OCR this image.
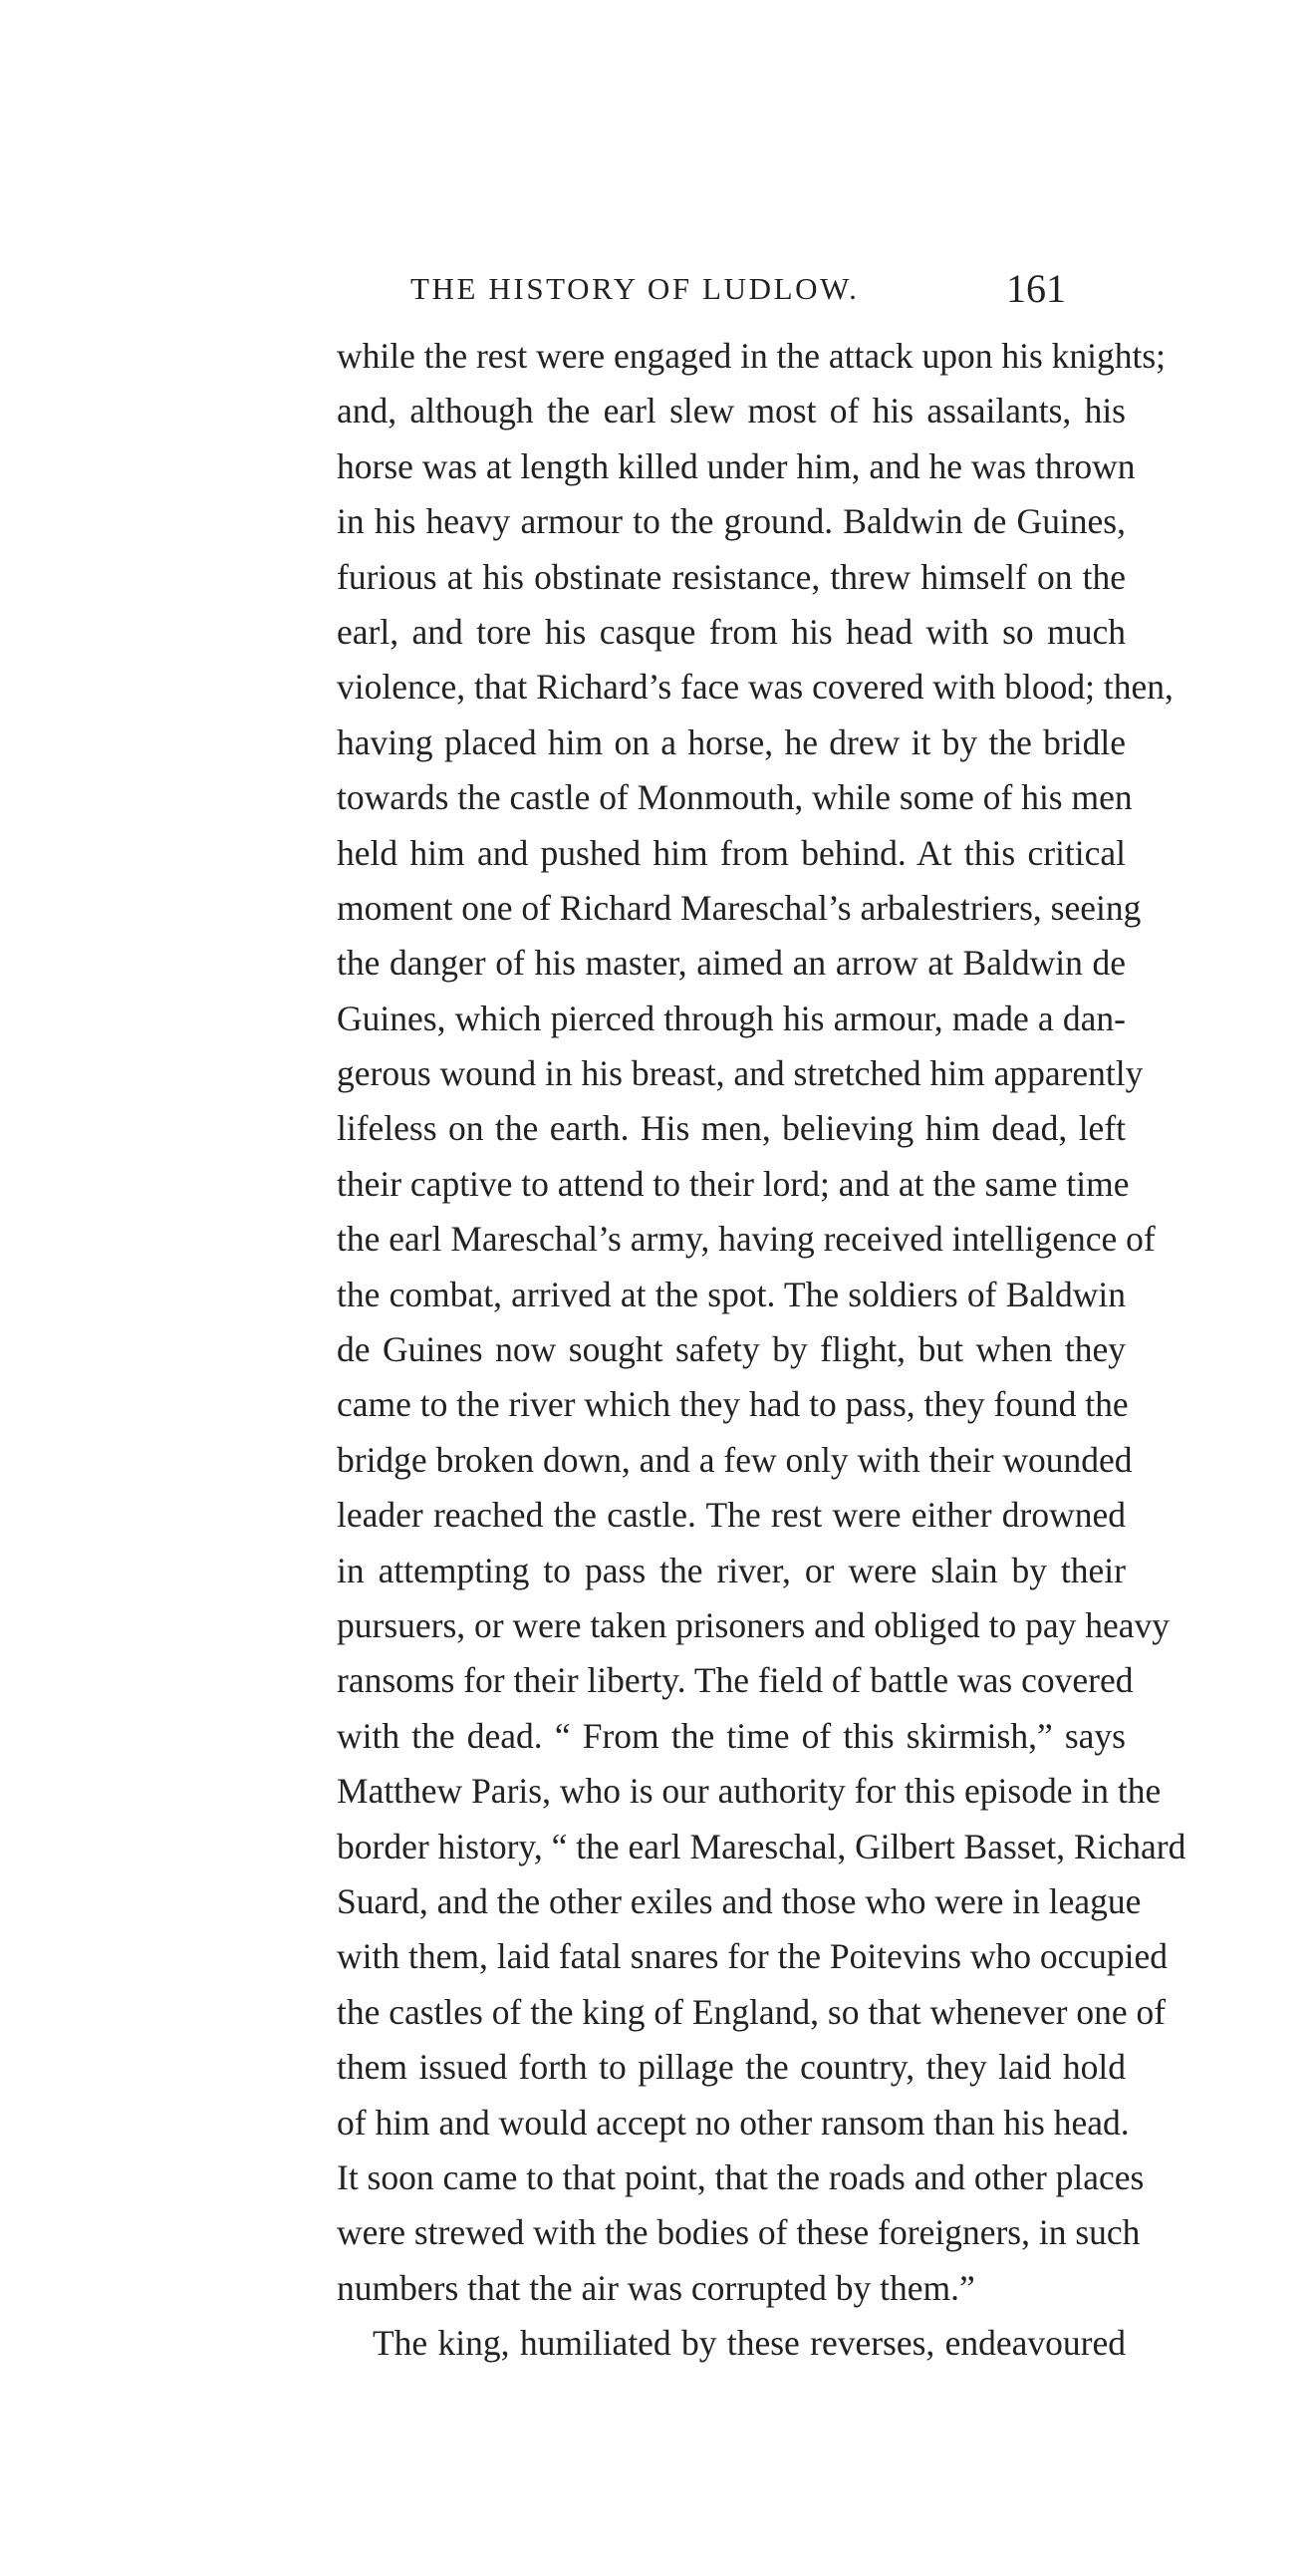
THE HISTORY OF LUDLOW.	161
while the rest were engaged in the attack upon his knights;
and, although the earl slew most of his assailants, his
horse was at length killed under him, and he was thrown
in his heavy armour to the ground. Baldwin de Guines,
furious at his obstinate resistance, threw himself on the
earl, and tore his casque from his head with so much
violence, that Richard’s face was covered with blood; then,
having placed him on a horse, he drew it by the bridle
towards the castle of Monmouth, while some of his men
held him and pushed him from behind. At this critical
moment one of Richard Mareschal’s arbalestriers, seeing
the danger of his master, aimed an arrow at Baldwin de
Guines, which pierced through his armour, made a dan-
gerous wound in his breast, and stretched him apparently
lifeless on the earth. His men, believing him dead, left
their captive to attend to their lord; and at the same time
the earl Mareschal’s army, having received intelligence of
the combat, arrived at the spot. The soldiers of Baldwin
de Guines now sought safety by flight, but when they
came to the river which they had to pass, they found the
bridge broken down, and a few only with their wounded
leader reached the castle. The rest were either drowned
in attempting to pass the river, or were slain by their
pursuers, or were taken prisoners and obliged to pay heavy
ransoms for their liberty. The field of battle was covered
with the dead. “ From the time of this skirmish,” says
Matthew Paris, who is our authority for this episode in the
border history, “ the earl Mareschal, Gilbert Basset, Richard
Suard, and the other exiles and those who were in league
with them, laid fatal snares for the Poitevins who occupied
the castles of the king of England, so that whenever one of
them issued forth to pillage the country, they laid hold
of him and would accept no other ransom than his head.
It soon came to that point, that the roads and other places
were strewed with the bodies of these foreigners, in such
numbers that the air was corrupted by them.”
The king, humiliated by these reverses, endeavoured
